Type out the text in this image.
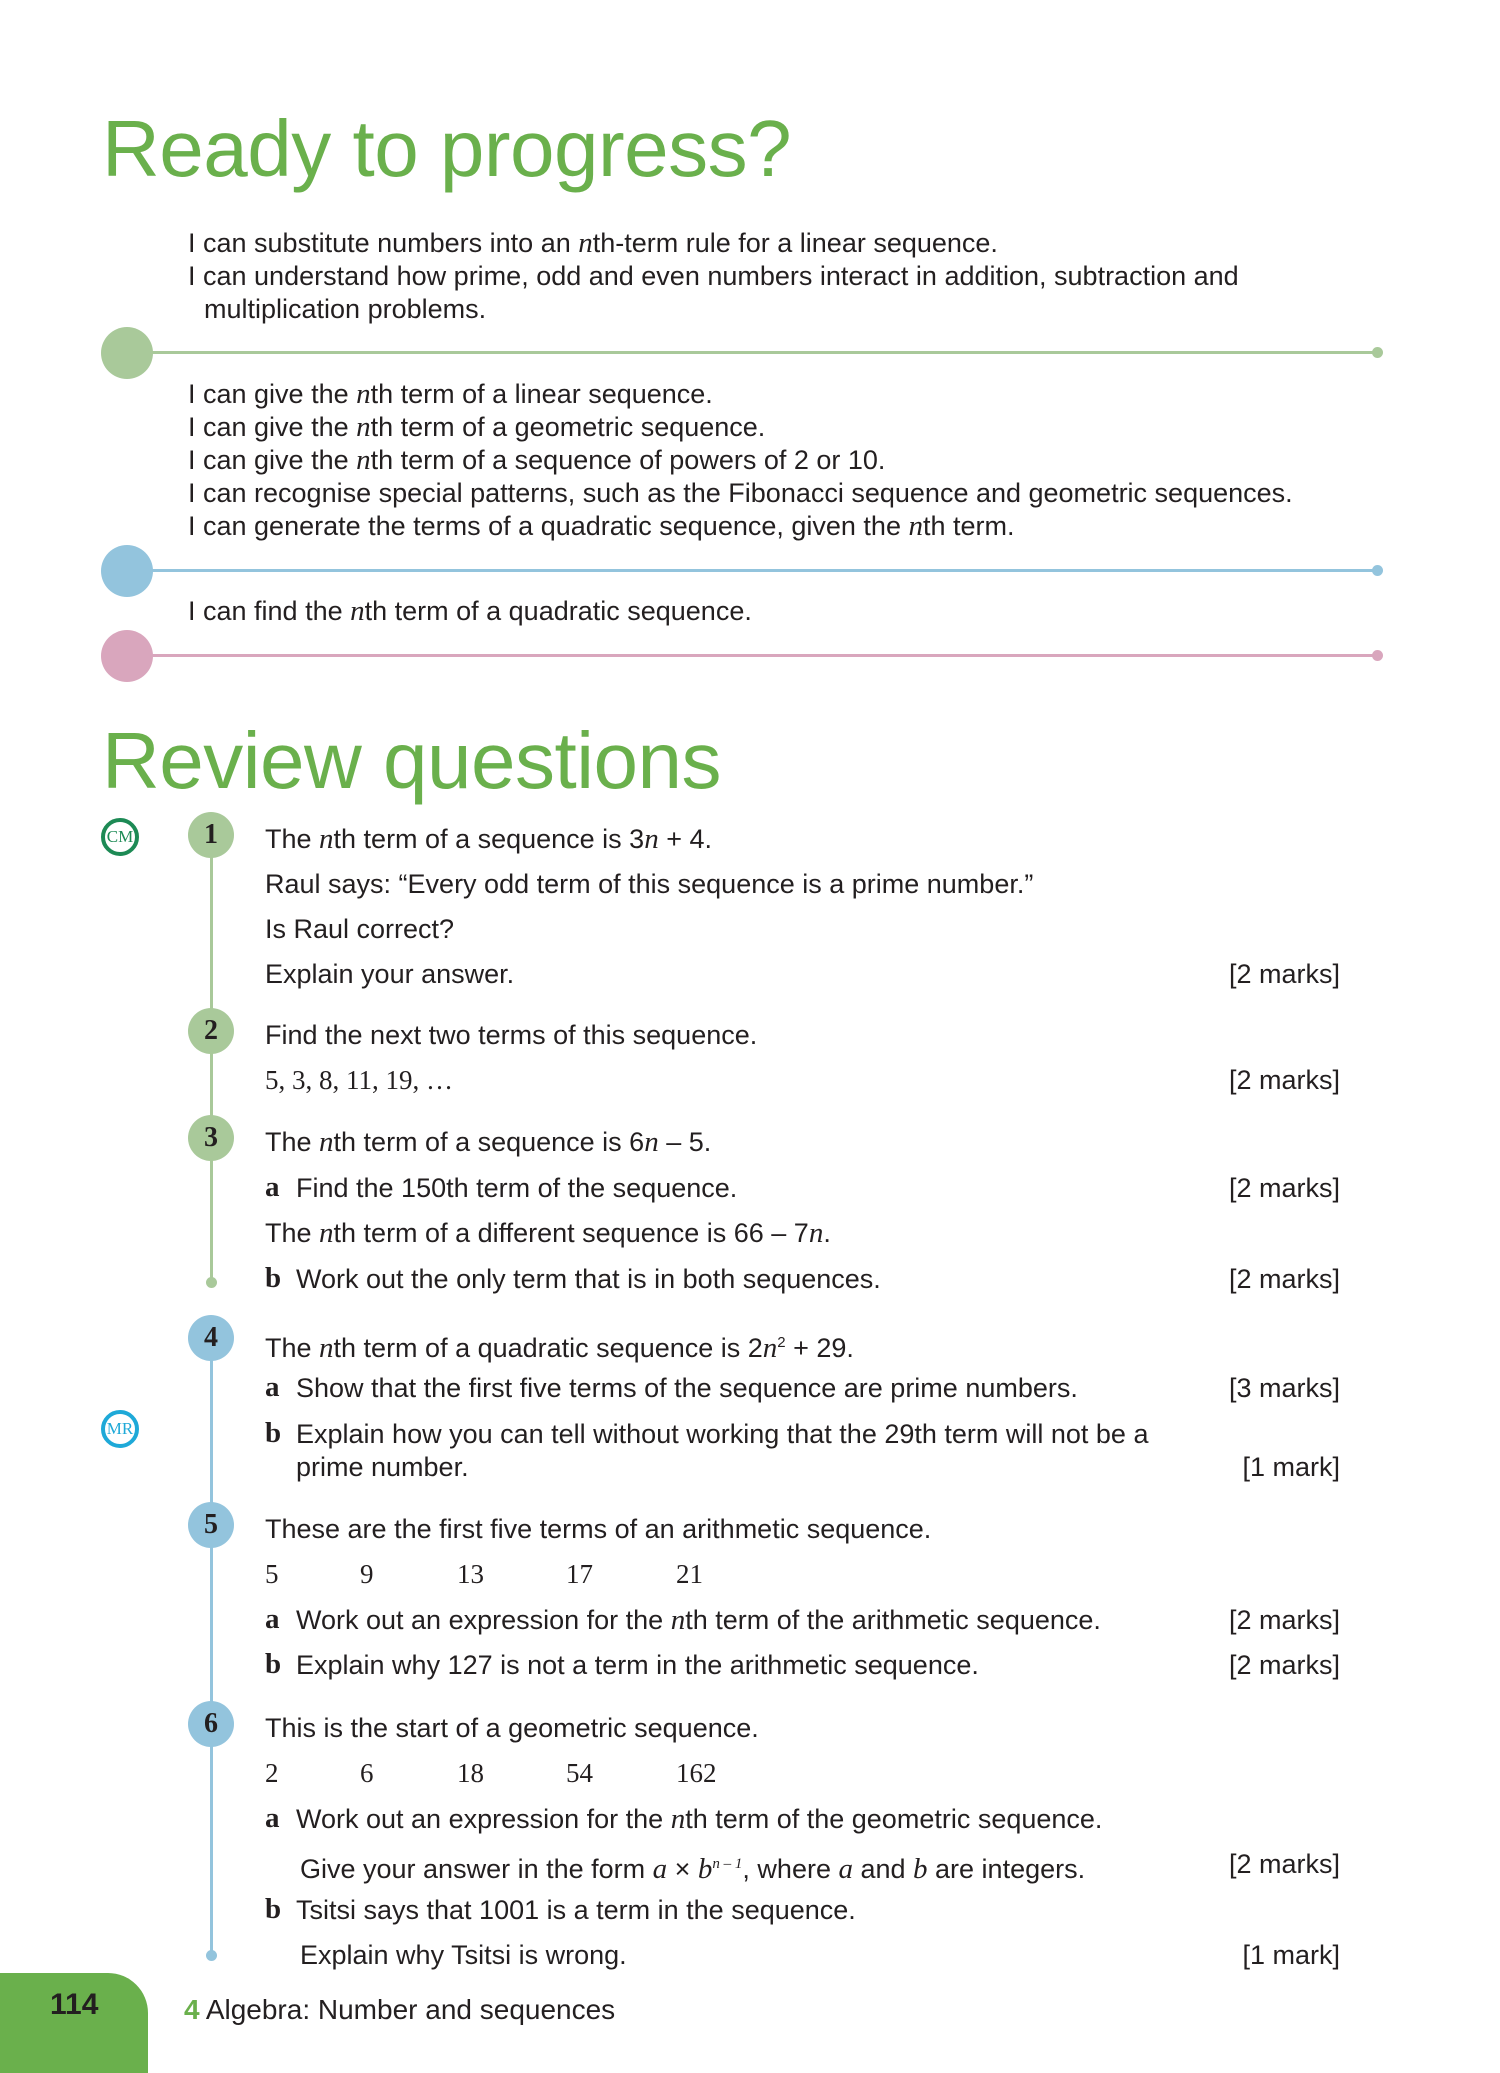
Ready to progress?
I can substitute numbers into an nth-term rule for a linear sequence.
I can understand how prime, odd and even numbers interact in addition, subtraction and
multiplication problems.
I can give the nth term of a linear sequence.
I can give the nth term of a geometric sequence.
I can give the nth term of a sequence of powers of 2 or 10.
I can recognise special patterns, such as the Fibonacci sequence and geometric sequences.
I can generate the terms of a quadratic sequence, given the nth term.
I can find the nth term of a quadratic sequence.
Review questions
CM
MR
1	The nth term of a sequence is 3n + 4.
Raul says: “Every odd term of this sequence is a prime number.”
Is Raul correct?
Explain your answer.	[2 marks]
2	Find the next two terms of this sequence.
5, 3, 8, 11, 19, …	[2 marks]
3	The nth term of a sequence is 6n – 5.
a Find the 150th term of the sequence.	[2 marks]
The nth term of a different sequence is 66 – 7n.
b Work out the only term that is in both sequences.	[2 marks]
4	The nth term of a quadratic sequence is $2n^2 + 29$.
a Show that the first five terms of the sequence are prime numbers.	[3 marks]
b Explain how you can tell without working that the 29th term will not be a
prime number.	[1 mark]
5	These are the first five terms of an arithmetic sequence.
5	9	13	17	21
a Work out an expression for the nth term of the arithmetic sequence.	[2 marks]
b Explain why 127 is not a term in the arithmetic sequence.	[2 marks]
6	This is the start of a geometric sequence.
2	6	18	54	162
a Work out an expression for the nth term of the geometric sequence.
Give your answer in the form $a \times b^{n - 1}$, where a and b are integers.	[2 marks]
b Tsitsi says that 1001 is a term in the sequence.
Explain why Tsitsi is wrong.	[1 mark]
114	4 Algebra: Number and sequences
